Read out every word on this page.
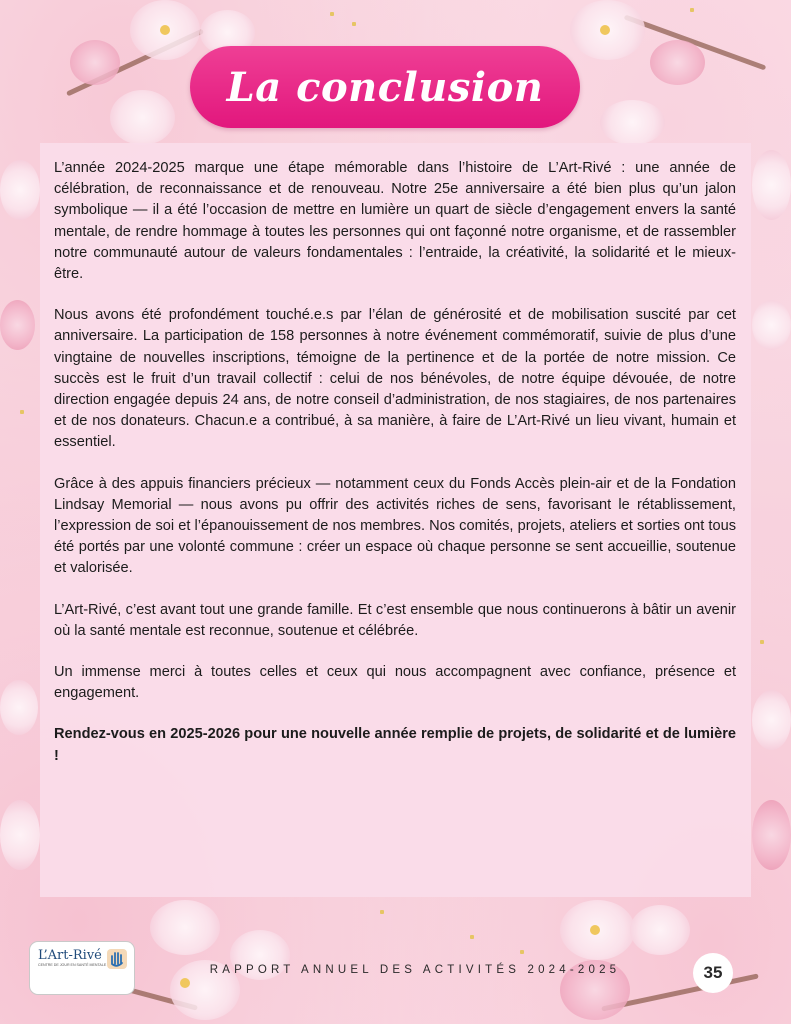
La conclusion

L’année 2024-2025 marque une étape mémorable dans l’histoire de L’Art-Rivé : une année de célébration, de reconnaissance et de renouveau. Notre 25e anniversaire a été bien plus qu’un jalon symbolique — il a été l’occasion de mettre en lumière un quart de siècle d’engagement envers la santé mentale, de rendre hommage à toutes les personnes qui ont façonné notre organisme, et de rassembler notre communauté autour de valeurs fondamentales : l’entraide, la créativité, la solidarité et le mieux-être.

Nous avons été profondément touché.e.s par l’élan de générosité et de mobilisation suscité par cet anniversaire. La participation de 158 personnes à notre événement commémoratif, suivie de plus d’une vingtaine de nouvelles inscriptions, témoigne de la pertinence et de la portée de notre mission. Ce succès est le fruit d’un travail collectif : celui de nos bénévoles, de notre équipe dévouée, de notre direction engagée depuis 24 ans, de notre conseil d’administration, de nos stagiaires, de nos partenaires et de nos donateurs. Chacun.e a contribué, à sa manière, à faire de L’Art-Rivé un lieu vivant, humain et essentiel.

Grâce à des appuis financiers précieux — notamment ceux du Fonds Accès plein-air et de la Fondation Lindsay Memorial — nous avons pu offrir des activités riches de sens, favorisant le rétablissement, l’expression de soi et l’épanouissement de nos membres. Nos comités, projets, ateliers et sorties ont tous été portés par une volonté commune : créer un espace où chaque personne se sent accueillie, soutenue et valorisée.

L’Art-Rivé, c’est avant tout une grande famille. Et c’est ensemble que nous continuerons à bâtir un avenir où la santé mentale est reconnue, soutenue et célébrée.

Un immense merci à toutes celles et ceux qui nous accompagnent avec confiance, présence et engagement.

Rendez-vous en 2025-2026 pour une nouvelle année remplie de projets, de solidarité et de lumière !

L’Art-Rivé
CENTRE DE JOUR EN SANTÉ MENTALE	RAPPORT ANNUEL DES ACTIVITÉS 2024-2025	35
